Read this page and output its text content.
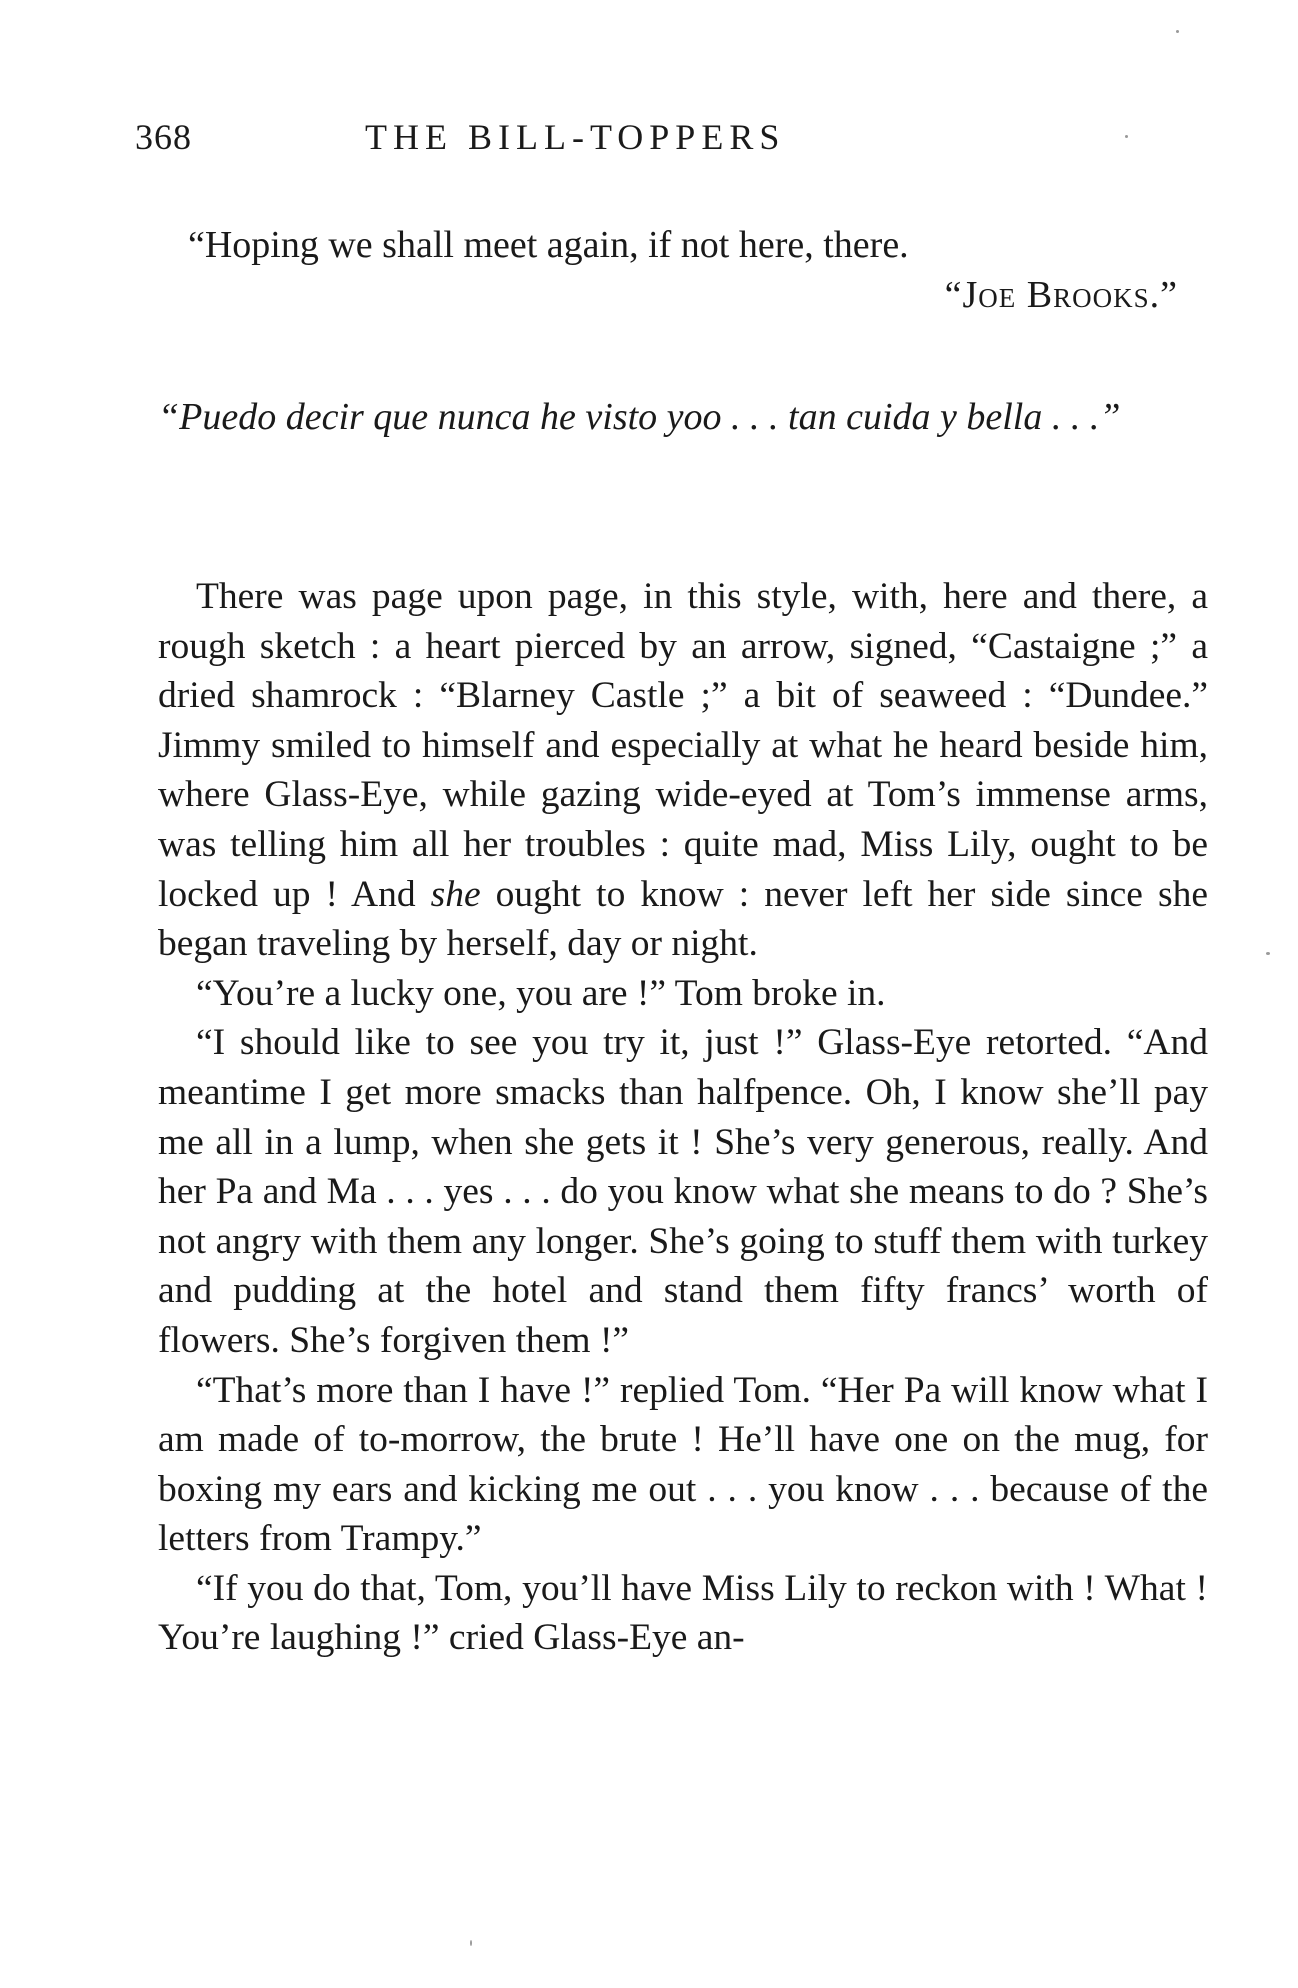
368	THE BILL-TOPPERS
“Hoping we shall meet again, if not here, there.
“Joe Brooks.”
“Puedo decir que nunca he visto yoo . . . tan cuida y bella . . .”

There was page upon page, in this style, with, here and there, a rough sketch : a heart pierced by an arrow, signed, “Castaigne ;” a dried shamrock : “Blarney Castle ;” a bit of seaweed : “Dundee.” Jimmy smiled to himself and especially at what he heard beside him, where Glass-Eye, while gazing wide-eyed at Tom’s immense arms, was telling him all her troubles : quite mad, Miss Lily, ought to be locked up ! And she ought to know : never left her side since she began traveling by herself, day or night.

“You’re a lucky one, you are !” Tom broke in.

“I should like to see you try it, just !” Glass-Eye retorted. “And meantime I get more smacks than halfpence. Oh, I know she’ll pay me all in a lump, when she gets it ! She’s very generous, really. And her Pa and Ma . . . yes . . . do you know what she means to do ? She’s not angry with them any longer. She’s going to stuff them with turkey and pudding at the hotel and stand them fifty francs’ worth of flowers. She’s forgiven them !”

“That’s more than I have !” replied Tom. “Her Pa will know what I am made of to-morrow, the brute ! He’ll have one on the mug, for boxing my ears and kicking me out . . . you know . . . because of the letters from Trampy.”

“If you do that, Tom, you’ll have Miss Lily to reckon with ! What ! You’re laughing !” cried Glass-Eye an-
